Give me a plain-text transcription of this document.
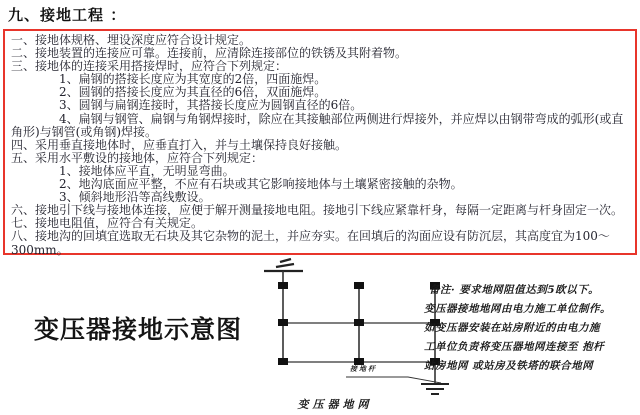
九、接地工程 ：
一、接地体规格、埋设深度应符合设计规定。
二、接地装置的连接应可靠。连接前，应清除连接部位的铁锈及其附着物。
三、接地体的连接采用搭接焊时，应符合下列规定：
1、扁钢的搭接长度应为其宽度的2倍，四面施焊。
2、圆钢的搭接长度应为其直径的6倍，双面施焊。
3、圆钢与扁钢连接时，其搭接长度应为圆钢直径的6倍。
4、扁钢与钢管、扁钢与角钢焊接时，除应在其接触部位两侧进行焊接外，并应焊以由钢带弯成的弧形(或直角形)与钢管(或角钢)焊接。
四、采用垂直接地体时，应垂直打入，并与土壤保持良好接触。
五、采用水平敷设的接地体，应符合下列规定：
1、接地体应平直，无明显弯曲。
2、地沟底面应平整，不应有石块或其它影响接地体与土壤紧密接触的杂物。
3、倾斜地形沿等高线敷设。
六、接地引下线与接地体连接，应便于解开测量接地电阻。接地引下线应紧靠杆身，每隔一定距离与杆身固定一次。
七、接地电阻值，应符合有关规定。
八、接地沟的回填宜选取无石块及其它杂物的泥土，并应夯实。在回填后的沟面应设有防沉层，其高度宜为100～300mm。
变压器接地示意图
备注· 要求地网阻值达到5欧以下。
变压器接地地网由电力施工单位制作。
如变压器安装在站房附近的由电力施
工单位负责将变压器地网连接至 抱杆
站房地网 或站房及铁塔的联合地网
接地杆
变压器地网
